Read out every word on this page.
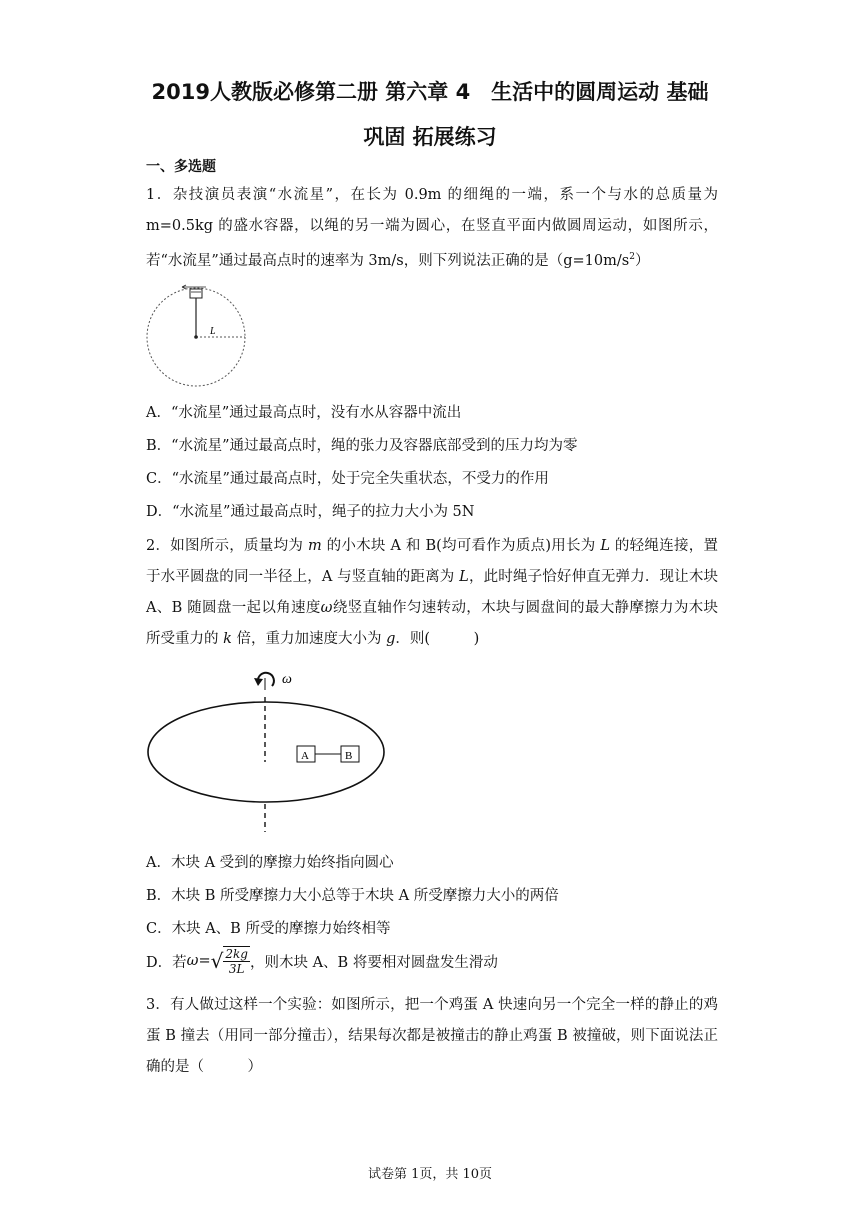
2019人教版必修第二册 第六章 4　生活中的圆周运动 基础
巩固 拓展练习
一、多选题
1．杂技演员表演“水流星”，在长为 0.9m 的细绳的一端，系一个与水的总质量为 m=0.5kg 的盛水容器，以绳的另一端为圆心，在竖直平面内做圆周运动，如图所示，若“水流星”通过最高点时的速率为 3m/s，则下列说法正确的是$(g=10m/s^2)$
L
A．“水流星”通过最高点时，没有水从容器中流出
B．“水流星”通过最高点时，绳的张力及容器底部受到的压力均为零
C．“水流星”通过最高点时，处于完全失重状态，不受力的作用
D．“水流星”通过最高点时，绳子的拉力大小为 5N
2．如图所示，质量均为 m 的小木块 A 和 B(均可看作为质点)用长为 L 的轻绳连接，置于水平圆盘的同一半径上，A 与竖直轴的距离为 L，此时绳子恰好伸直无弹力．现让木块 A、B 随圆盘一起以角速度ω绕竖直轴作匀速转动，木块与圆盘间的最大静摩擦力为木块所受重力的 k 倍，重力加速度大小为 g．则(　　　)
ω
A	B
A．木块 A 受到的摩擦力始终指向圆心
B．木块 B 所受摩擦力大小总等于木块 A 所受摩擦力大小的两倍
C．木块 A、B 所受的摩擦力始终相等
D．若 ω = √ $\frac{2kg}{3L}$ ，则木块 A、B 将要相对圆盘发生滑动
3．有人做过这样一个实验：如图所示，把一个鸡蛋 A 快速向另一个完全一样的静止的鸡蛋 B 撞去（用同一部分撞击），结果每次都是被撞击的静止鸡蛋 B 被撞破，则下面说法正确的是（　　　）
试卷第 1页，共 10页
